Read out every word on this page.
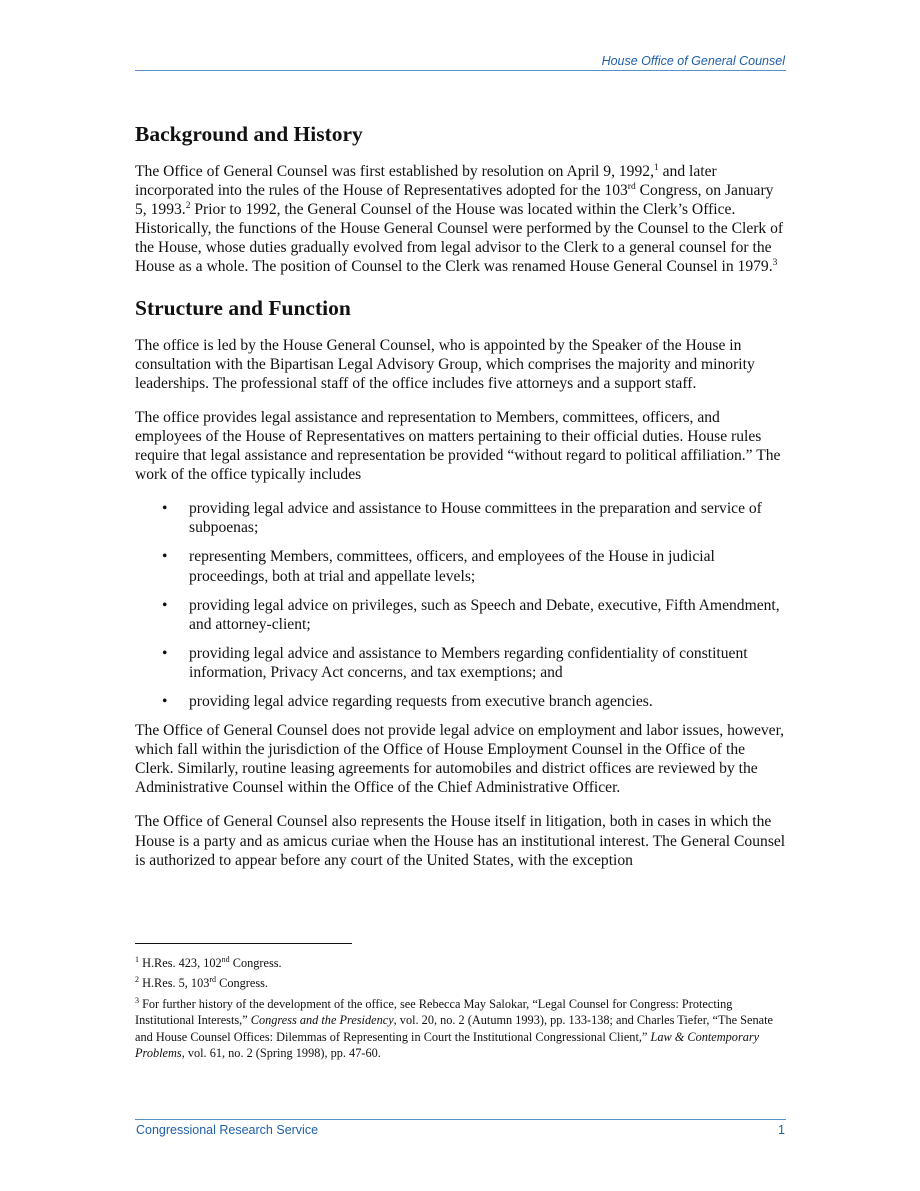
House Office of General Counsel
Background and History

The Office of General Counsel was first established by resolution on April 9, 1992,$^1$ and later incorporated into the rules of the House of Representatives adopted for the 103rd Congress, on January 5, 1993.$^2$ Prior to 1992, the General Counsel of the House was located within the Clerk’s Office. Historically, the functions of the House General Counsel were performed by the Counsel to the Clerk of the House, whose duties gradually evolved from legal advisor to the Clerk to a general counsel for the House as a whole. The position of Counsel to the Clerk was renamed House General Counsel in 1979.$^3$

Structure and Function

The office is led by the House General Counsel, who is appointed by the Speaker of the House in consultation with the Bipartisan Legal Advisory Group, which comprises the majority and minority leaderships. The professional staff of the office includes five attorneys and a support staff.

The office provides legal assistance and representation to Members, committees, officers, and employees of the House of Representatives on matters pertaining to their official duties. House rules require that legal assistance and representation be provided “without regard to political affiliation.” The work of the office typically includes

• providing legal advice and assistance to House committees in the preparation and service of subpoenas;
• representing Members, committees, officers, and employees of the House in judicial proceedings, both at trial and appellate levels;
• providing legal advice on privileges, such as Speech and Debate, executive, Fifth Amendment, and attorney-client;
• providing legal advice and assistance to Members regarding confidentiality of constituent information, Privacy Act concerns, and tax exemptions; and
• providing legal advice regarding requests from executive branch agencies.

The Office of General Counsel does not provide legal advice on employment and labor issues, however, which fall within the jurisdiction of the Office of House Employment Counsel in the Office of the Clerk. Similarly, routine leasing agreements for automobiles and district offices are reviewed by the Administrative Counsel within the Office of the Chief Administrative Officer.

The Office of General Counsel also represents the House itself in litigation, both in cases in which the House is a party and as amicus curiae when the House has an institutional interest. The General Counsel is authorized to appear before any court of the United States, with the exception

$^1$ H.Res. 423, 102nd Congress.

$^2$ H.Res. 5, 103rd Congress.

$^3$ For further history of the development of the office, see Rebecca May Salokar, “Legal Counsel for Congress: Protecting Institutional Interests,” Congress and the Presidency, vol. 20, no. 2 (Autumn 1993), pp. 133-138; and Charles Tiefer, “The Senate and House Counsel Offices: Dilemmas of Representing in Court the Institutional Congressional Client,” Law & Contemporary Problems, vol. 61, no. 2 (Spring 1998), pp. 47-60.

Congressional Research Service	1
